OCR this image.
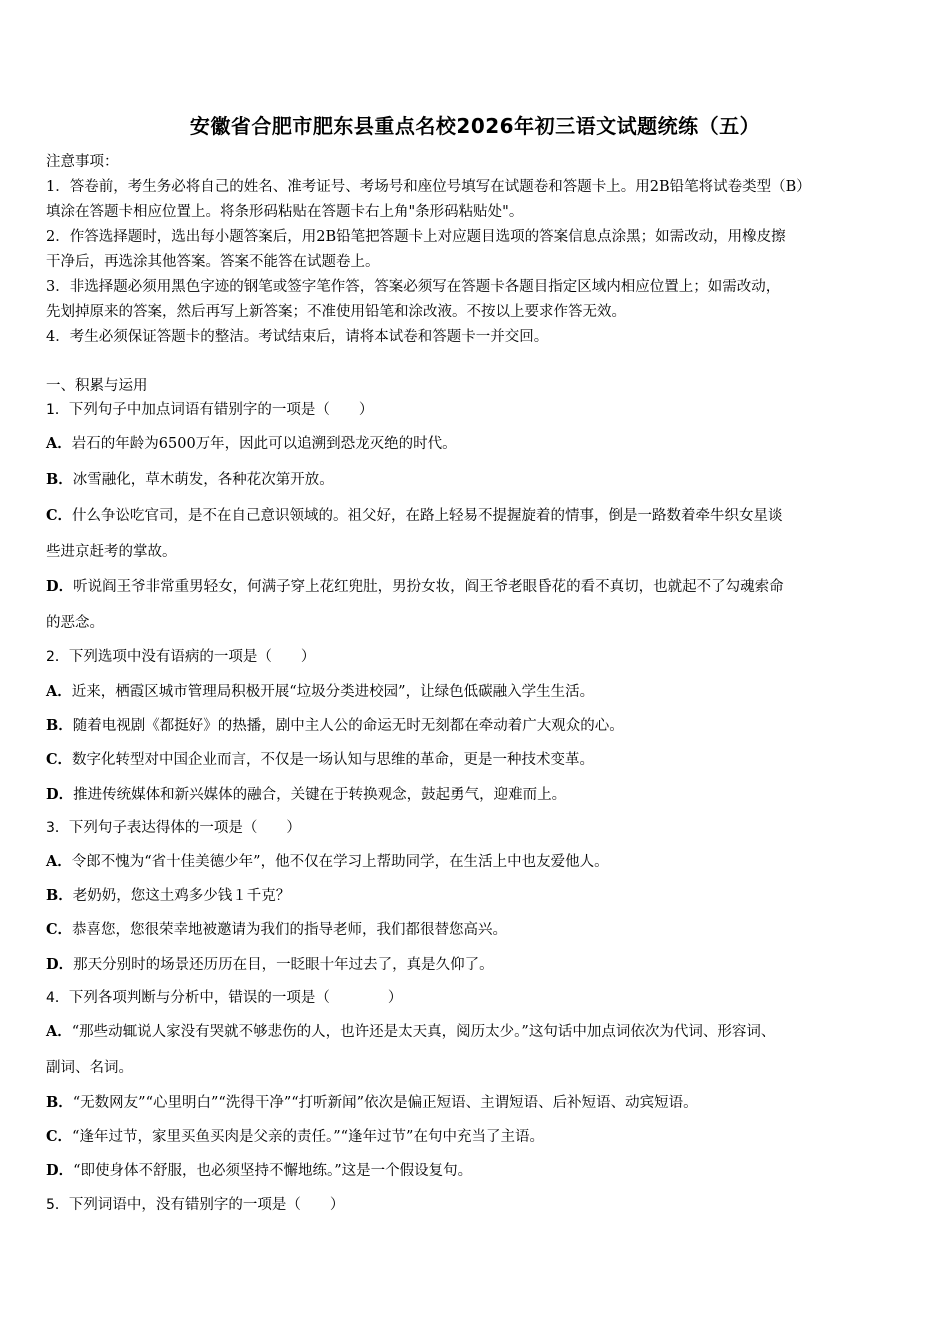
安徽省合肥市肥东县重点名校2026年初三语文试题统练（五）
注意事项：
1．答卷前，考生务必将自己的姓名、准考证号、考场号和座位号填写在试题卷和答题卡上。用2B铅笔将试卷类型（B）
填涂在答题卡相应位置上。将条形码粘贴在答题卡右上角"条形码粘贴处"。
2．作答选择题时，选出每小题答案后，用2B铅笔把答题卡上对应题目选项的答案信息点涂黑；如需改动，用橡皮擦
干净后，再选涂其他答案。答案不能答在试题卷上。
3．非选择题必须用黑色字迹的钢笔或签字笔作答，答案必须写在答题卡各题目指定区域内相应位置上；如需改动，
先划掉原来的答案，然后再写上新答案；不准使用铅笔和涂改液。不按以上要求作答无效。
4．考生必须保证答题卡的整洁。考试结束后，请将本试卷和答题卡一并交回。
一、积累与运用
1．下列句子中加点词语有错别字的一项是（　　）
A．岩石的年龄为6500万年，因此可以追溯到恐龙灭绝的时代。
B．冰雪融化，草木萌发，各种花次第开放。
C．什么争讼吃官司，是不在自己意识领域的。祖父好，在路上轻易不提握旋着的情事，倒是一路数着牵牛织女星谈
些进京赶考的掌故。
D．听说阎王爷非常重男轻女，何满子穿上花红兜肚，男扮女妆，阎王爷老眼昏花的看不真切，也就起不了勾魂索命
的恶念。
2．下列选项中没有语病的一项是（　　）
A．近来，栖霞区城市管理局积极开展“垃圾分类进校园”，让绿色低碳融入学生生活。
B．随着电视剧《都挺好》的热播，剧中主人公的命运无时无刻都在牵动着广大观众的心。
C．数字化转型对中国企业而言，不仅是一场认知与思维的革命，更是一种技术变革。
D．推进传统媒体和新兴媒体的融合，关键在于转换观念，鼓起勇气，迎难而上。
3．下列句子表达得体的一项是（　　）
A．令郎不愧为“省十佳美德少年”，他不仅在学习上帮助同学，在生活上中也友爱他人。
B．老奶奶，您这土鸡多少钱１千克？
C．恭喜您，您很荣幸地被邀请为我们的指导老师，我们都很替您高兴。
D．那天分别时的场景还历历在目，一眨眼十年过去了，真是久仰了。
4．下列各项判断与分析中，错误的一项是（　　　　）
A．“那些动辄说人家没有哭就不够悲伤的人，也许还是太天真，阅历太少。”这句话中加点词依次为代词、形容词、
副词、名词。
B．“无数网友”“心里明白”“洗得干净”“打听新闻”依次是偏正短语、主谓短语、后补短语、动宾短语。
C．“逢年过节，家里买鱼买肉是父亲的责任。”“逢年过节”在句中充当了主语。
D．“即使身体不舒服，也必须坚持不懈地练。”这是一个假设复句。
5．下列词语中，没有错别字的一项是（　　）
